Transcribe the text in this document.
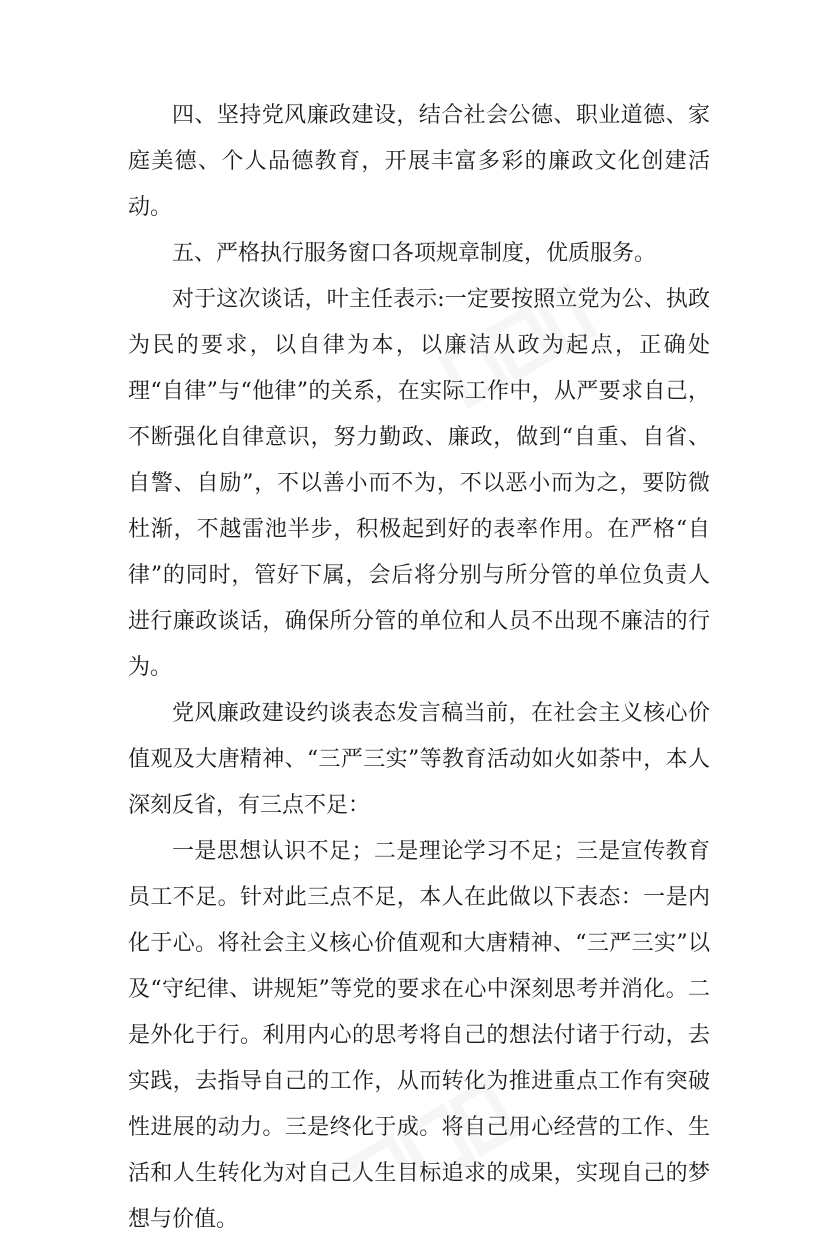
四、坚持党风廉政建设，结合社会公德、职业道德、家庭美德、个人品德教育，开展丰富多彩的廉政文化创建活动。

五、严格执行服务窗口各项规章制度，优质服务。

对于这次谈话，叶主任表示:一定要按照立党为公、执政为民的要求，以自律为本，以廉洁从政为起点，正确处理“自律”与“他律”的关系，在实际工作中，从严要求自己，不断强化自律意识，努力勤政、廉政，做到“自重、自省、自警、自励”，不以善小而不为，不以恶小而为之，要防微杜渐，不越雷池半步，积极起到好的表率作用。在严格“自律”的同时，管好下属，会后将分别与所分管的单位负责人进行廉政谈话，确保所分管的单位和人员不出现不廉洁的行为。

党风廉政建设约谈表态发言稿当前，在社会主义核心价值观及大唐精神、“三严三实”等教育活动如火如荼中，本人深刻反省，有三点不足：

一是思想认识不足；二是理论学习不足；三是宣传教育员工不足。针对此三点不足，本人在此做以下表态：一是内化于心。将社会主义核心价值观和大唐精神、“三严三实”以及“守纪律、讲规矩”等党的要求在心中深刻思考并消化。二是外化于行。利用内心的思考将自己的想法付诸于行动，去实践，去指导自己的工作，从而转化为推进重点工作有突破性进展的动力。三是终化于成。将自己用心经营的工作、生活和人生转化为对自己人生目标追求的成果，实现自己的梦想与价值。
